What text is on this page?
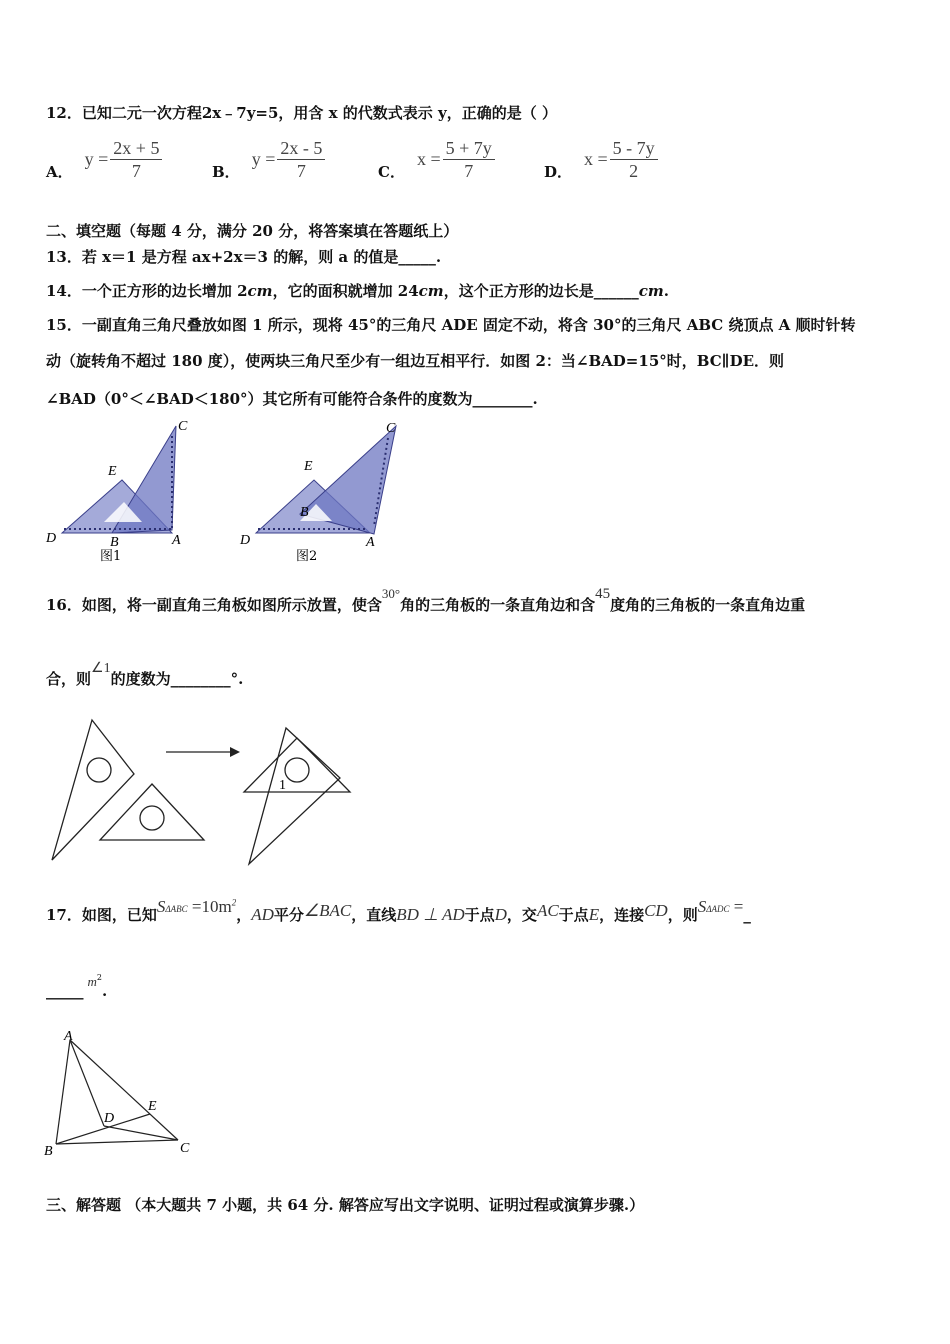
12．已知二元一次方程2x﹣7y=5，用含 x 的代数式表示 y，正确的是（ ）
A．
$y = \frac{2x + 5}{7}$	B．
$y = \frac{2x - 5}{7}$	C．
$x = \frac{5 + 7y}{7}$	D．
$x = \frac{5 - 7y}{2}$
二、填空题（每题 4 分，满分 20 分，将答案填在答题纸上）
13．若 x＝1 是方程 ax+2x＝3 的解，则 a 的值是_____.
14．一个正方形的边长增加 2cm，它的面积就增加 24cm，这个正方形的边长是______cm.
15．一副直角三角尺叠放如图 1 所示，现将 45°的三角尺 ADE 固定不动，将含 30°的三角尺 ABC 绕顶点 A 顺时针转
动（旋转角不超过 180 度），使两块三角尺至少有一组边互相平行．如图 2：当∠BAD=15°时，BC∥DE．则
∠BAD（0°＜∠BAD＜180°）其它所有可能符合条件的度数为________.
C
E
D	B	A
图1
C
E
D
B
A
图2
16．如图，将一副直角三角板如图所示放置，使含30°角的三角板的一条直角边和含45度角的三角板的一条直角边重
合，则∠1的度数为________°.
1
17．如图，已知$S\Delta ABC =10m^2$，AD平分∠BAC，直线BD ⊥ AD于点D，交AC于点E，连接CD，则SΔADC =_
$\_\_\_\_\_m^2$.
A
B	C
D
E
三、解答题 （本大题共 7 小题，共 64 分. 解答应写出文字说明、证明过程或演算步骤.）
